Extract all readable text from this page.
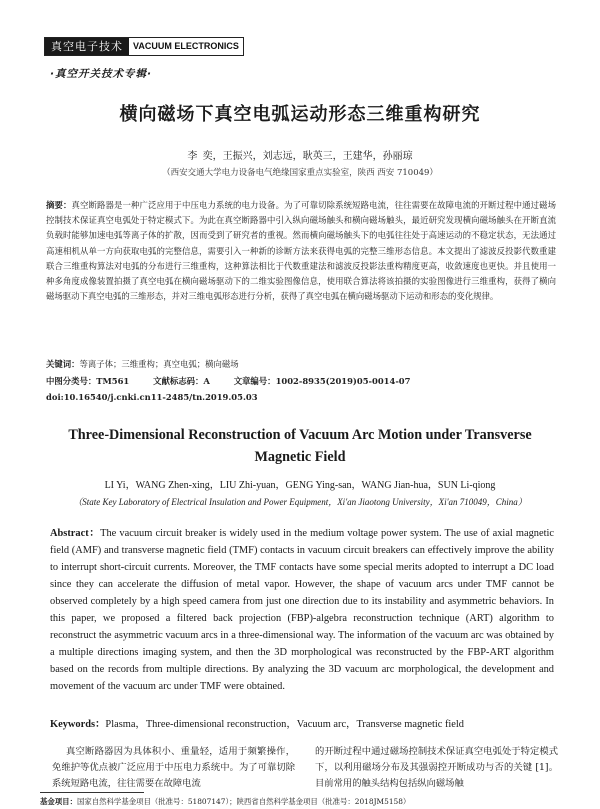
真空电子技术	VACUUM ELECTRONICS
·真空开关技术专辑·
横向磁场下真空电弧运动形态三维重构研究
李 奕，王振兴，刘志远，耿英三，王建华，孙丽琼
（西安交通大学电力设备电气绝缘国家重点实验室，陕西 西安 710049）
摘要：真空断路器是一种广泛应用于中压电力系统的电力设备。为了可靠切除系统短路电流，往往需要在故障电流的开断过程中通过磁场控制技术保证真空电弧处于特定模式下。为此在真空断路器中引入纵向磁场触头和横向磁场触头，最近研究发现横向磁场触头在开断直流负载时能够加速电弧等离子体的扩散，因而受到了研究者的重视。然而横向磁场触头下的电弧往往处于高速运动的不稳定状态，无法通过高速相机从单一方向获取电弧的完整信息，需要引入一种新的诊断方法来获得电弧的完整三维形态信息。本文提出了滤波反投影代数重建联合三维重构算法对电弧的分布进行三维重构，这种算法相比于代数重建法和滤波反投影法重构精度更高，收敛速度也更快。并且使用一种多角度成像装置拍摄了真空电弧在横向磁场驱动下的二维实验图像信息，使用联合算法将该拍摄的实验图像进行三维重构，获得了横向磁场驱动下真空电弧的三维形态，并对三维电弧形态进行分析，获得了真空电弧在横向磁场驱动下运动和形态的变化规律。
关键词：等离子体；三维重构；真空电弧；横向磁场
中图分类号：TM561	文献标志码：A	文章编号：1002-8935(2019)05-0014-07
doi:10.16540/j.cnki.cn11-2485/tn.2019.05.03
Three-Dimensional Reconstruction of Vacuum Arc Motion under Transverse Magnetic Field
LI Yi，WANG Zhen-xing，LIU Zhi-yuan，GENG Ying-san，WANG Jian-hua，SUN Li-qiong
（State Key Laboratory of Electrical Insulation and Power Equipment，Xi'an Jiaotong University，Xi'an 710049，China）
Abstract：The vacuum circuit breaker is widely used in the medium voltage power system. The use of axial magnetic field (AMF) and transverse magnetic field (TMF) contacts in vacuum circuit breakers can effectively improve the ability to interrupt short-circuit currents. Moreover, the TMF contacts have some special merits adopted to interrupt a DC load since they can accelerate the diffusion of metal vapor. However, the shape of vacuum arcs under TMF cannot be observed completely by a high speed camera from just one direction due to its instability and asymmetric behaviors. In this paper, we proposed a filtered back projection (FBP)-algebra reconstruction technique (ART) algorithm to reconstruct the asymmetric vacuum arcs in a three-dimensional way. The information of the vacuum arc was obtained by a multiple directions imaging system, and then the 3D morphological was reconstructed by the FBP-ART algorithm based on the records from multiple directions. By analyzing the 3D vacuum arc morphological, the development and movement of the vacuum arc under TMF were obtained.
Keywords：Plasma，Three-dimensional reconstruction，Vacuum arc，Transverse magnetic field
真空断路器因为具体积小、重量轻，适用于频繁操作，免维护等优点被广泛应用于中压电力系统中。为了可靠切除系统短路电流，往往需要在故障电流
的开断过程中通过磁场控制技术保证真空电弧处于特定模式下，以利用磁场分布及其强弱控开断成功与否的关键 [1]。目前常用的触头结构包括纵向磁场触
基金项目：国家自然科学基金项目（批准号：51807147）；陕西省自然科学基金项目（批准号：2018JM5158）
